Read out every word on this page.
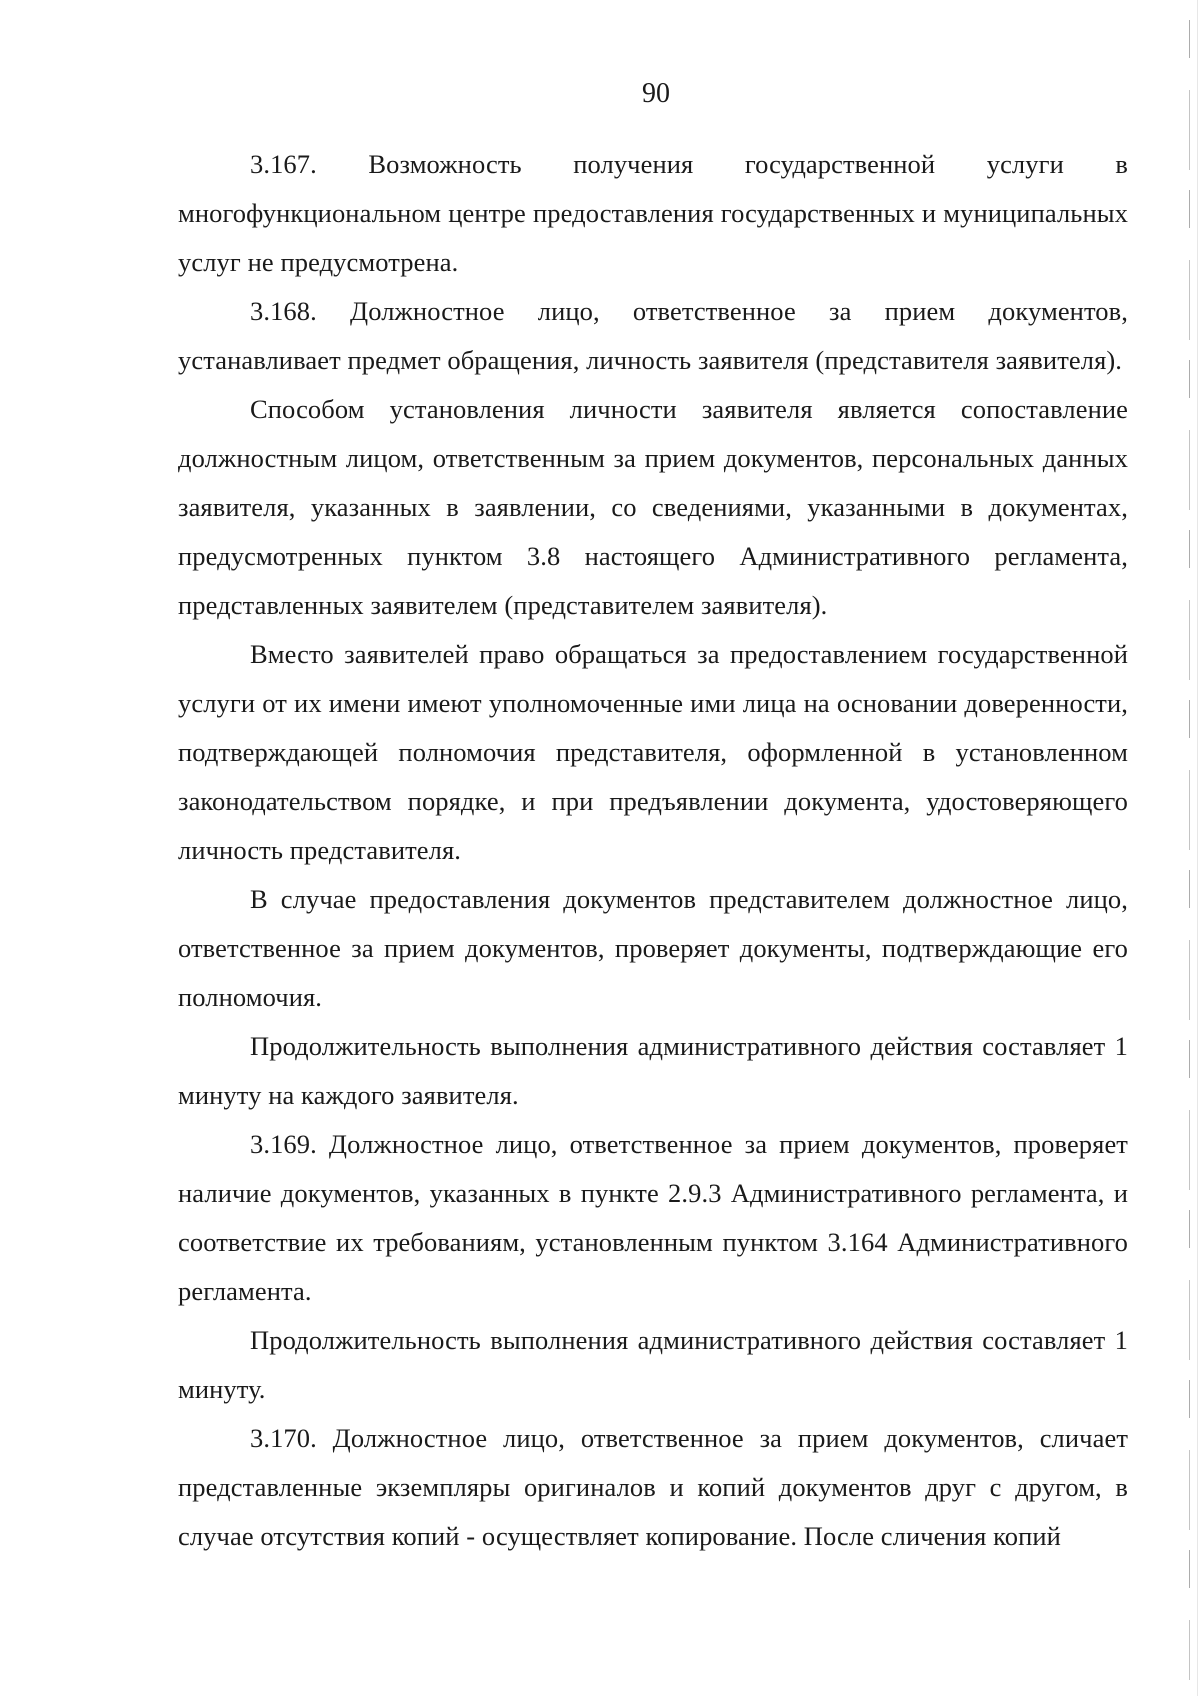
90

3.167. Возможность получения государственной услуги в многофункциональном центре предоставления государственных и муниципальных услуг не предусмотрена.

3.168. Должностное лицо, ответственное за прием документов, устанавливает предмет обращения, личность заявителя (представителя заявителя).

Способом установления личности заявителя является сопоставление должностным лицом, ответственным за прием документов, персональных данных заявителя, указанных в заявлении, со сведениями, указанными в документах, предусмотренных пунктом 3.8 настоящего Административного регламента, представленных заявителем (представителем заявителя).

Вместо заявителей право обращаться за предоставлением государственной услуги от их имени имеют уполномоченные ими лица на основании доверенности, подтверждающей полномочия представителя, оформленной в установленном законодательством порядке, и при предъявлении документа, удостоверяющего личность представителя.

В случае предоставления документов представителем должностное лицо, ответственное за прием документов, проверяет документы, подтверждающие его полномочия.

Продолжительность выполнения административного действия составляет 1 минуту на каждого заявителя.

3.169. Должностное лицо, ответственное за прием документов, проверяет наличие документов, указанных в пункте 2.9.3 Административного регламента, и соответствие их требованиям, установленным пунктом 3.164 Административного регламента.

Продолжительность выполнения административного действия составляет 1 минуту.

3.170. Должностное лицо, ответственное за прием документов, сличает представленные экземпляры оригиналов и копий документов друг с другом, в случае отсутствия копий - осуществляет копирование. После сличения копий
